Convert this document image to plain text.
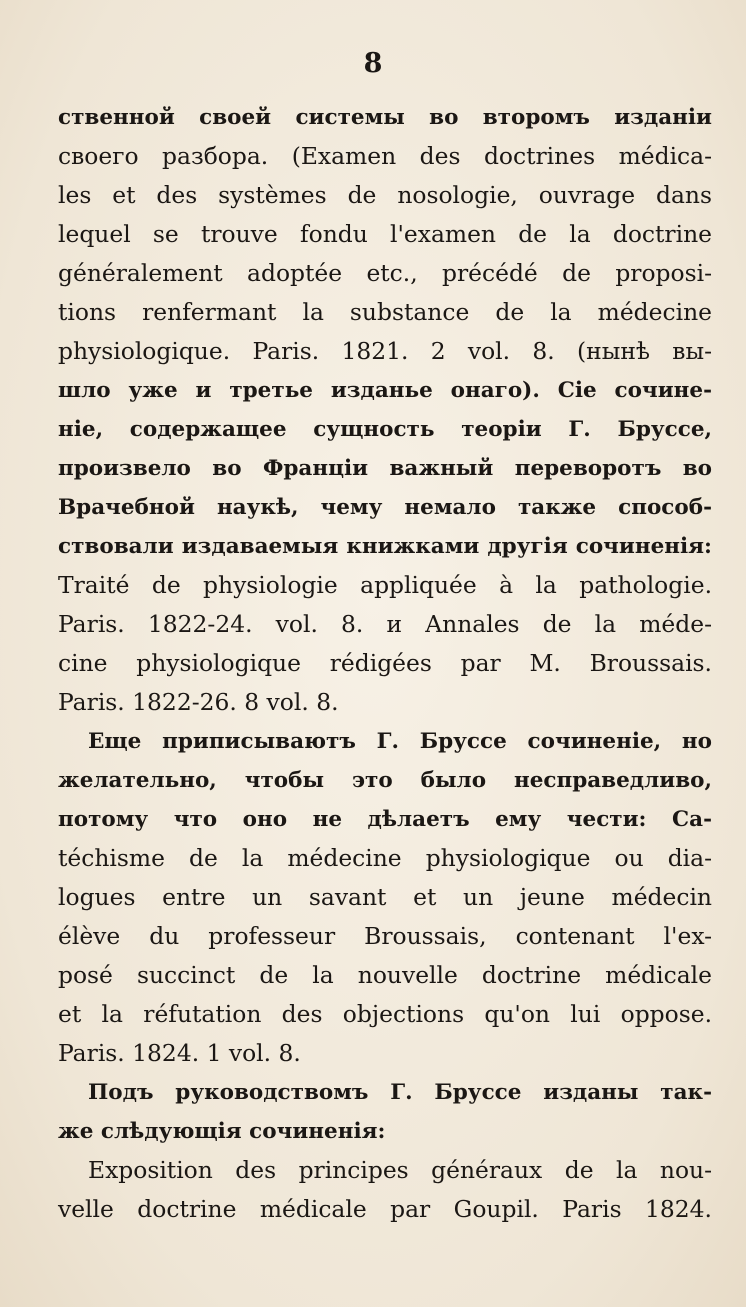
8
ственной своей системы во второмъ изданіи
своего разбора. (Examen des doctrines médica-
les et des systèmes de nosologie, ouvrage dans
lequel se trouve fondu l'examen de la doctrine
généralement adoptée etc., précédé de proposi-
tions renfermant la substance de la médecine
physiologique. Paris. 1821. 2 vol. 8. (нынѣ вы-
шло уже и третье изданье онаго). Сіе сочине-
ніе, содержащее сущность теоріи Г. Бруссе,
произвело во Франціи важный переворотъ во
Врачебной наукѣ, чему немало также способ-
ствовали издаваемыя книжками другія сочиненія:
Traité de physiologie appliquée à la pathologie.
Paris. 1822-24. vol. 8. и Annales de la méde-
cine physiologique rédigées par M. Broussais.
Paris. 1822-26. 8 vol. 8.
Еще приписываютъ Г. Бруссе сочиненіе, но
желательно, чтобы это было несправедливо,
потому что оно не дѣлаетъ ему чести: Ca-
téchisme de la médecine physiologique ou dia-
logues entre un savant et un jeune médecin
élève du professeur Broussais, contenant l'ex-
posé succinct de la nouvelle doctrine médicale
et la réfutation des objections qu'on lui oppose.
Paris. 1824. 1 vol. 8.
Подъ руководствомъ Г. Бруссе изданы так-
же слѣдующія сочиненія:
Exposition des principes généraux de la nou-
velle doctrine médicale par Goupil. Paris 1824.
